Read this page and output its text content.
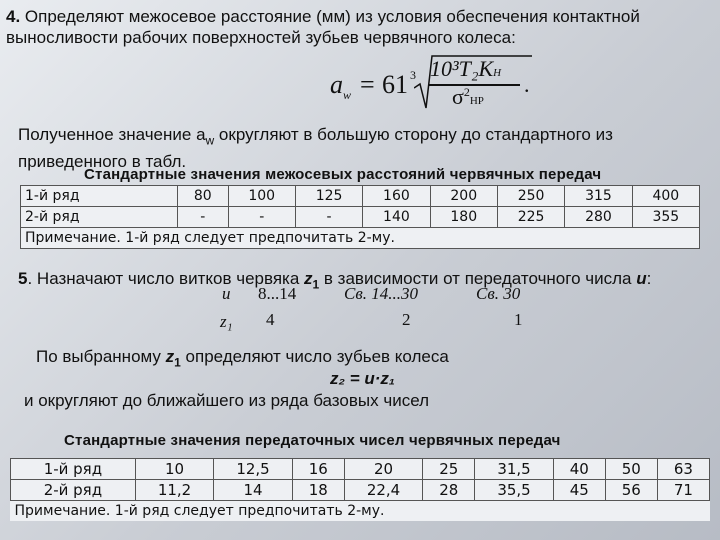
4. Определяют межосевое расстояние (мм) из условия обеспечения контактной выносливости рабочих поверхностей зубьев червячного колеса:
$a_w = 61$ 3 10³T₂KH
$\sigma^2HP$
.
Полученное значение $a_w$ округляют в большую сторону до стандартного из приведенного в табл.
Стандартные значения межосевых расстояний червячных передач
1-й ряд	80	100	125	160	200	250	315	400
2-й ряд	-	-	-	140	180	225	280	355
Примечание. 1-й ряд следует предпочитать 2-му.								
5. Назначают число витков червяка $z_1$ в зависимости от передаточного числа u:
u 8...14	Св. 14...30	Св. 30
z₁ 4	2	1
По выбранному $z_1$ определяют число зубьев колеса
z₂ = u·z₁
и округляют до ближайшего из ряда базовых чисел
Стандартные значения передаточных чисел червячных передач
1-й ряд	10	12,5	16	20	25	31,5	40	50	63
2-й ряд	11,2	14	18	22,4	28	35,5	45	56	71
Примечание. 1-й ряд следует предпочитать 2-му.									
